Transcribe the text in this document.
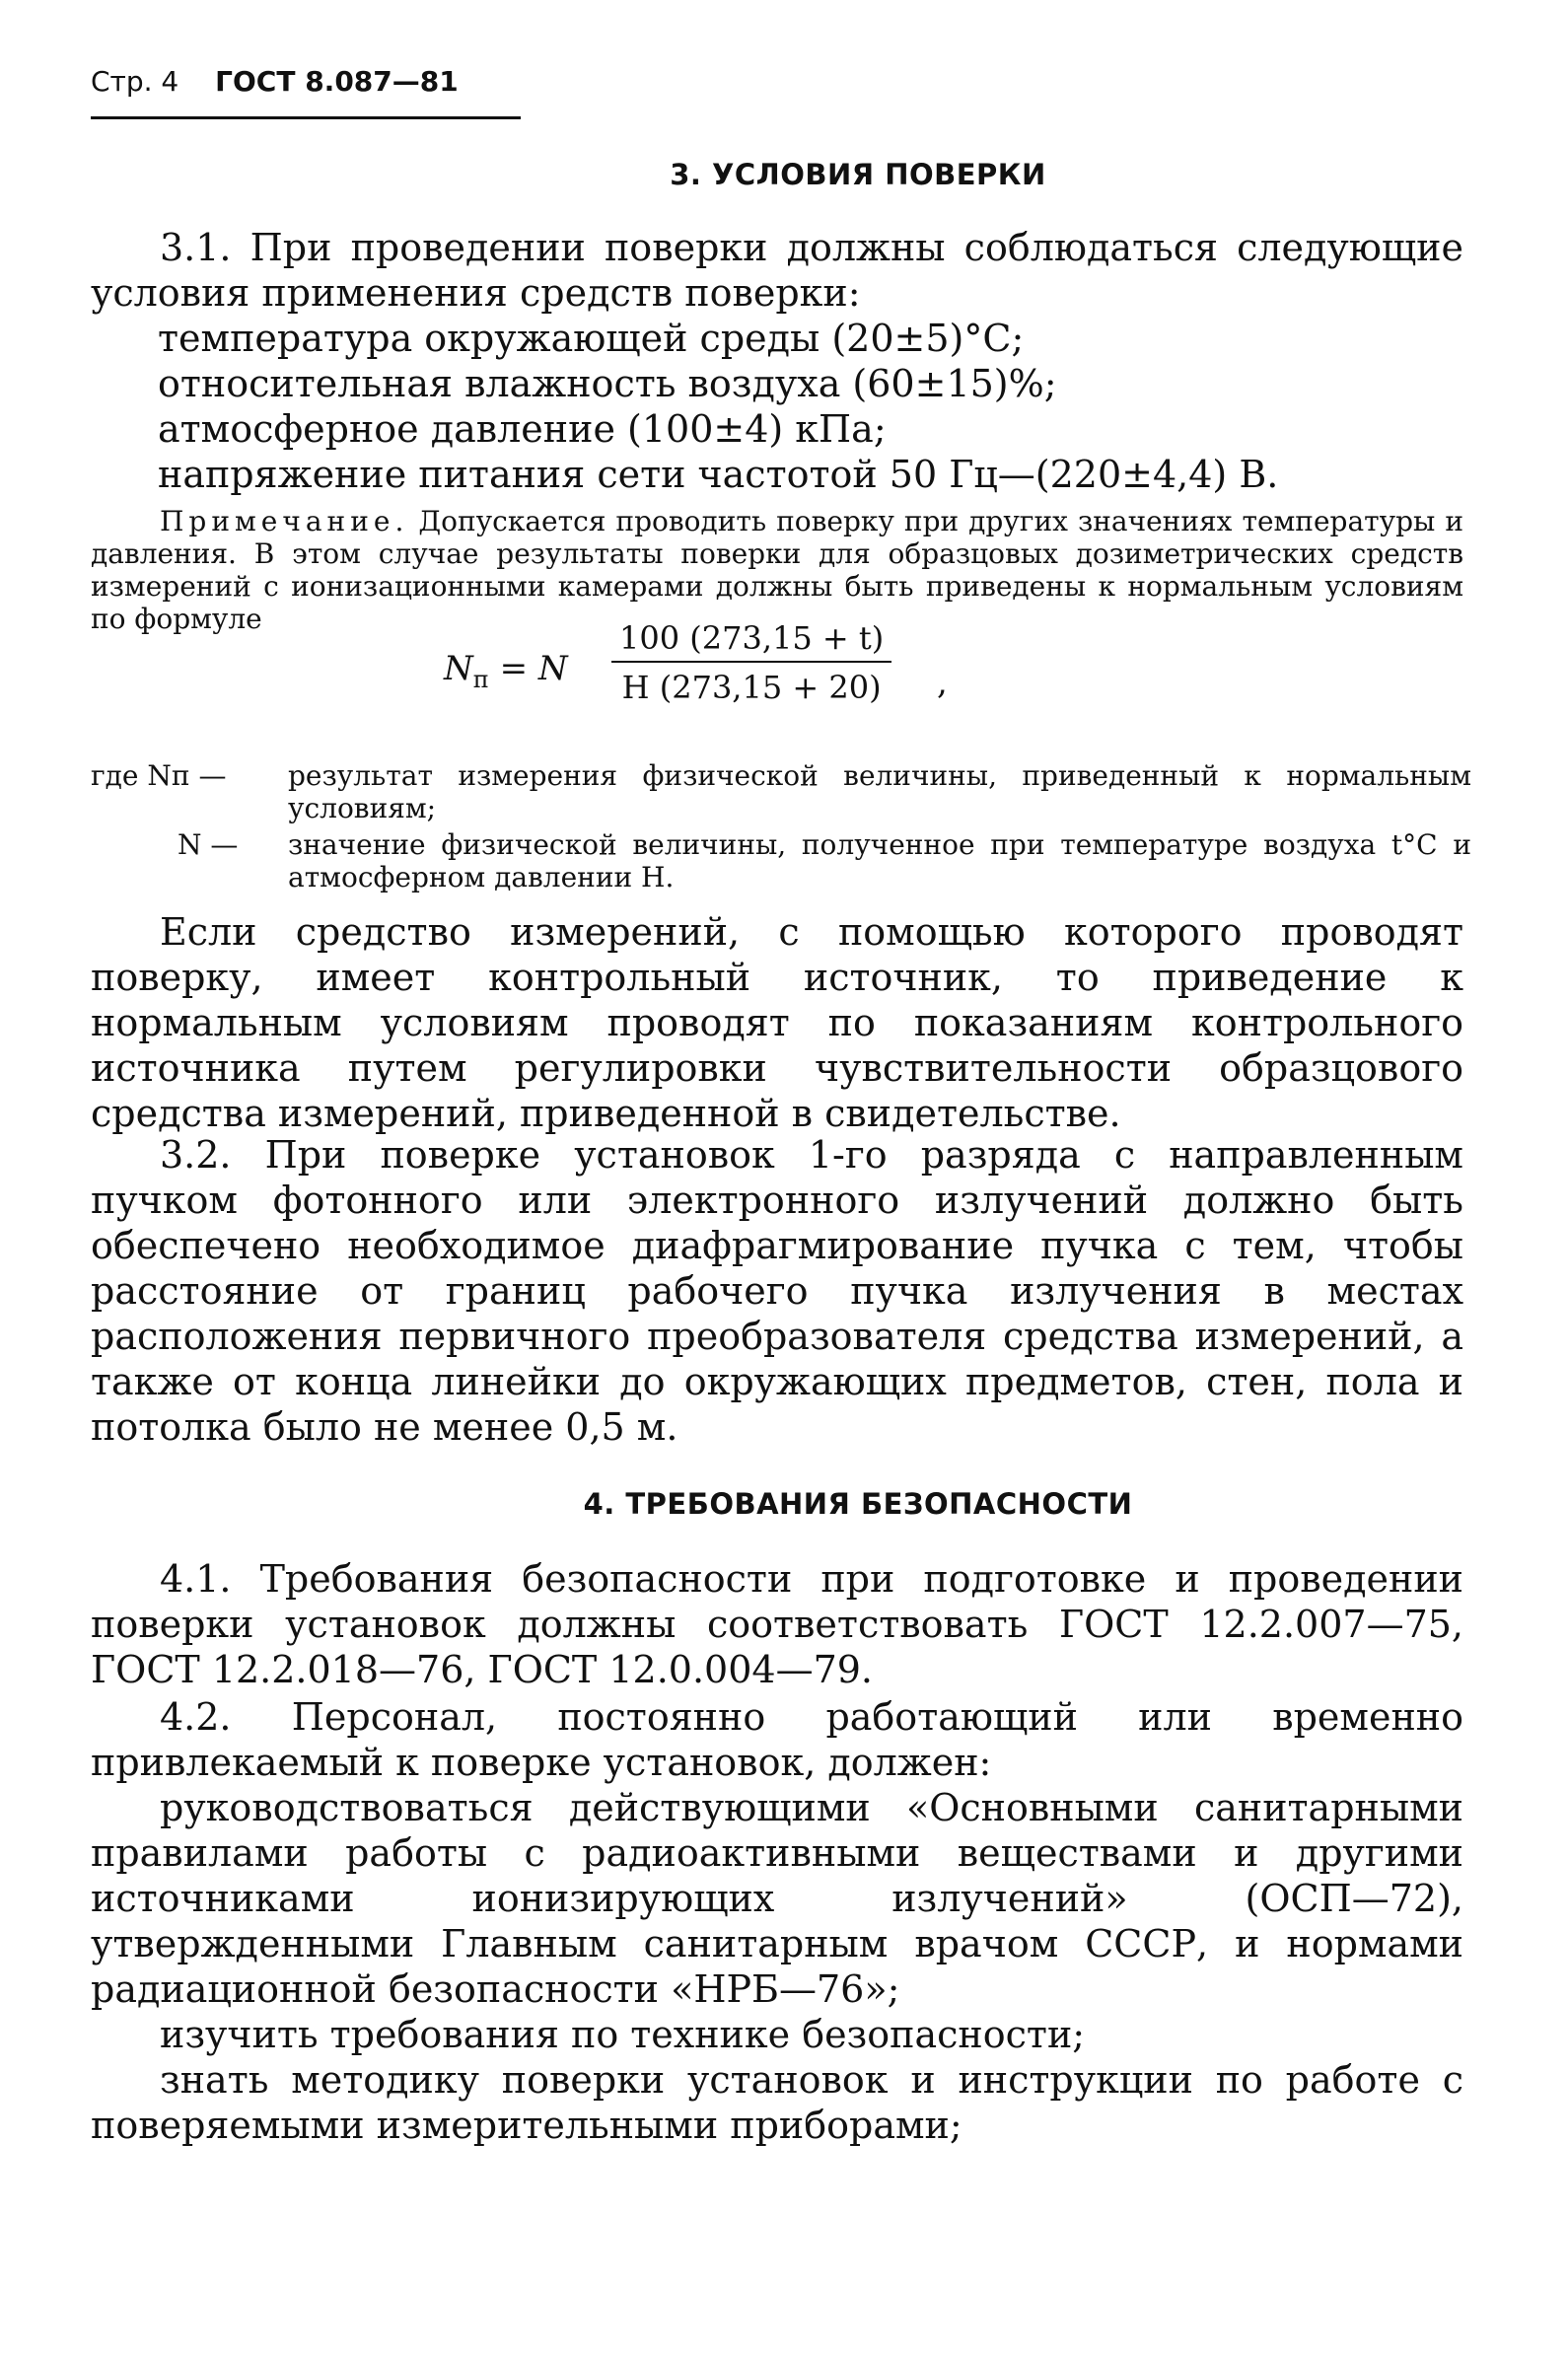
Стр. 4 ГОСТ 8.087—81
3. УСЛОВИЯ ПОВЕРКИ
3.1. При проведении поверки должны соблюдаться следующие условия применения средств поверки:
температура окружающей среды (20±5)°С;
относительная влажность воздуха (60±15)%;
атмосферное давление (100±4) кПа;
напряжение питания сети частотой 50 Гц—(220±4,4) В.
Примечание. Допускается проводить поверку при других значениях температуры и давления. В этом случае результаты поверки для образцовых дозиметрических средств измерений с ионизационными камерами должны быть приведены к нормальным условиям по формуле
$N_п = N \frac{100 (273,15 + t)}{H (273,15 + 20)}$ ,
где Nп — результат измерения физической величины, приведенный к нормальным условиям;
N — значение физической величины, полученное при температуре воздуха t°С и атмосферном давлении H.
Если средство измерений, с помощью которого проводят поверку, имеет контрольный источник, то приведение к нормальным условиям проводят по показаниям контрольного источника путем регулировки чувствительности образцового средства измерений, приведенной в свидетельстве.
3.2. При поверке установок 1-го разряда с направленным пучком фотонного или электронного излучений должно быть обеспечено необходимое диафрагмирование пучка с тем, чтобы расстояние от границ рабочего пучка излучения в местах расположения первичного преобразователя средства измерений, а также от конца линейки до окружающих предметов, стен, пола и потолка было не менее 0,5 м.
4. ТРЕБОВАНИЯ БЕЗОПАСНОСТИ
4.1. Требования безопасности при подготовке и проведении поверки установок должны соответствовать ГОСТ 12.2.007—75, ГОСТ 12.2.018—76, ГОСТ 12.0.004—79.
4.2. Персонал, постоянно работающий или временно привлекаемый к поверке установок, должен:
руководствоваться действующими «Основными санитарными правилами работы с радиоактивными веществами и другими источниками ионизирующих излучений» (ОСП—72), утвержденными Главным санитарным врачом СССР, и нормами радиационной безопасности «НРБ—76»;
изучить требования по технике безопасности;
знать методику поверки установок и инструкции по работе с поверяемыми измерительными приборами;
